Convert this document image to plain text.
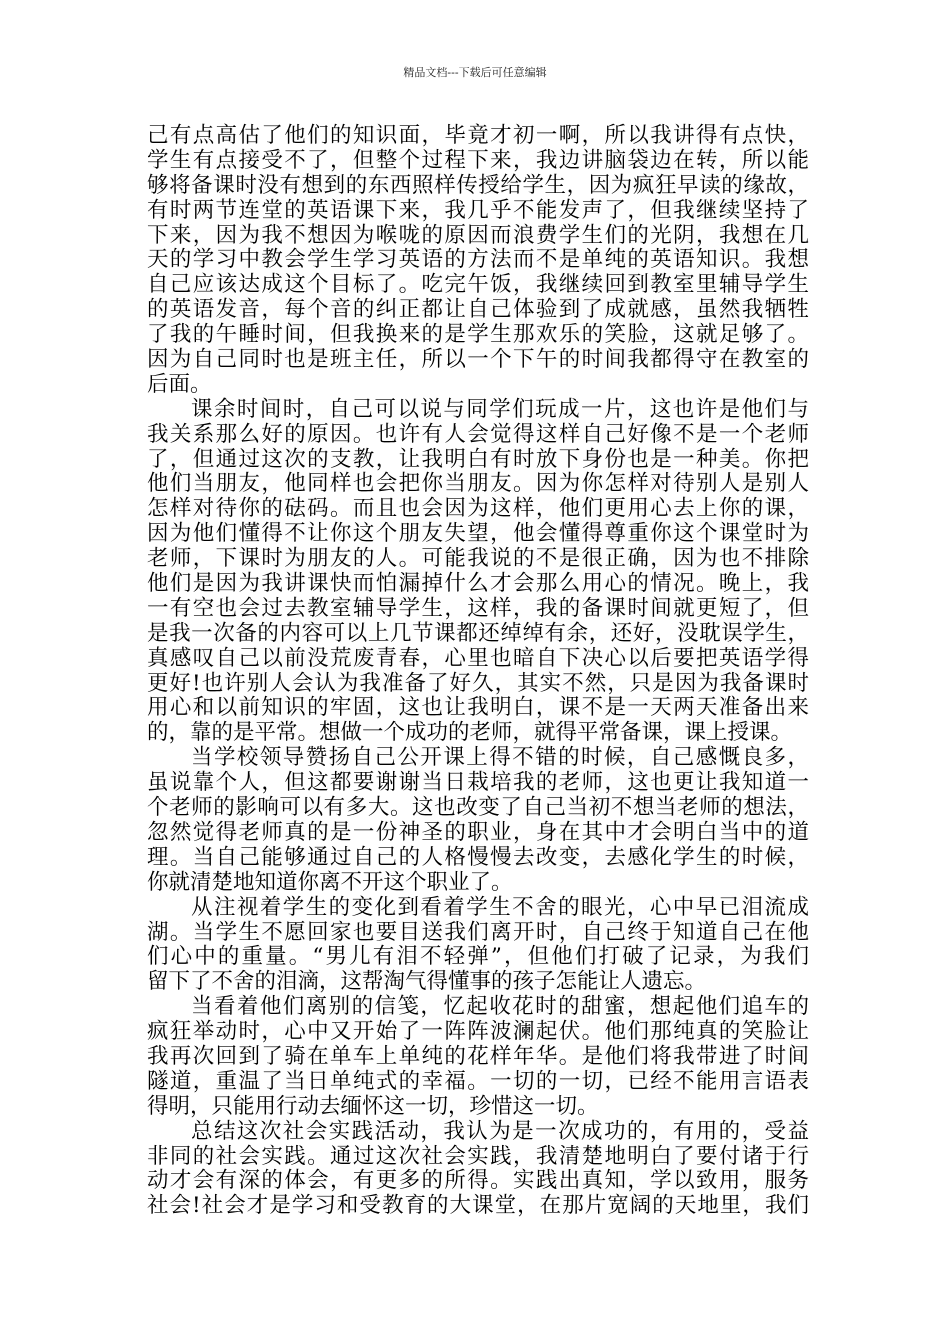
精品文档---下载后可任意编辑
己有点高估了他们的知识面，毕竟才初一啊，所以我讲得有点快，
学生有点接受不了，但整个过程下来，我边讲脑袋边在转，所以能
够将备课时没有想到的东西照样传授给学生，因为疯狂早读的缘故，
有时两节连堂的英语课下来，我几乎不能发声了，但我继续坚持了
下来，因为我不想因为喉咙的原因而浪费学生们的光阴，我想在几
天的学习中教会学生学习英语的方法而不是单纯的英语知识。我想
自己应该达成这个目标了。吃完午饭，我继续回到教室里辅导学生
的英语发音，每个音的纠正都让自己体验到了成就感，虽然我牺牲
了我的午睡时间，但我换来的是学生那欢乐的笑脸，这就足够了。
因为自己同时也是班主任，所以一个下午的时间我都得守在教室的
后面。
课余时间时，自己可以说与同学们玩成一片，这也许是他们与
我关系那么好的原因。也许有人会觉得这样自己好像不是一个老师
了，但通过这次的支教，让我明白有时放下身份也是一种美。你把
他们当朋友，他同样也会把你当朋友。因为你怎样对待别人是别人
怎样对待你的砝码。而且也会因为这样，他们更用心去上你的课，
因为他们懂得不让你这个朋友失望，他会懂得尊重你这个课堂时为
老师，下课时为朋友的人。可能我说的不是很正确，因为也不排除
他们是因为我讲课快而怕漏掉什么才会那么用心的情况。晚上，我
一有空也会过去教室辅导学生，这样，我的备课时间就更短了，但
是我一次备的内容可以上几节课都还绰绰有余，还好，没耽误学生，
真感叹自己以前没荒废青春，心里也暗自下决心以后要把英语学得
更好!也许别人会认为我准备了好久，其实不然，只是因为我备课时
用心和以前知识的牢固，这也让我明白，课不是一天两天准备出来
的，靠的是平常。想做一个成功的老师，就得平常备课，课上授课。
当学校领导赞扬自己公开课上得不错的时候，自己感慨良多，
虽说靠个人，但这都要谢谢当日栽培我的老师，这也更让我知道一
个老师的影响可以有多大。这也改变了自己当初不想当老师的想法，
忽然觉得老师真的是一份神圣的职业，身在其中才会明白当中的道
理。当自己能够通过自己的人格慢慢去改变，去感化学生的时候，
你就清楚地知道你离不开这个职业了。
从注视着学生的变化到看着学生不舍的眼光，心中早已泪流成
湖。当学生不愿回家也要目送我们离开时，自己终于知道自己在他
们心中的重量。“男儿有泪不轻弹”，但他们打破了记录，为我们
留下了不舍的泪滴，这帮淘气得懂事的孩子怎能让人遗忘。
当看着他们离别的信笺，忆起收花时的甜蜜，想起他们追车的
疯狂举动时，心中又开始了一阵阵波澜起伏。他们那纯真的笑脸让
我再次回到了骑在单车上单纯的花样年华。是他们将我带进了时间
隧道，重温了当日单纯式的幸福。一切的一切，已经不能用言语表
得明，只能用行动去缅怀这一切，珍惜这一切。
总结这次社会实践活动，我认为是一次成功的，有用的，受益
非同的社会实践。通过这次社会实践，我清楚地明白了要付诸于行
动才会有深的体会，有更多的所得。实践出真知，学以致用，服务
社会!社会才是学习和受教育的大课堂，在那片宽阔的天地里，我们
